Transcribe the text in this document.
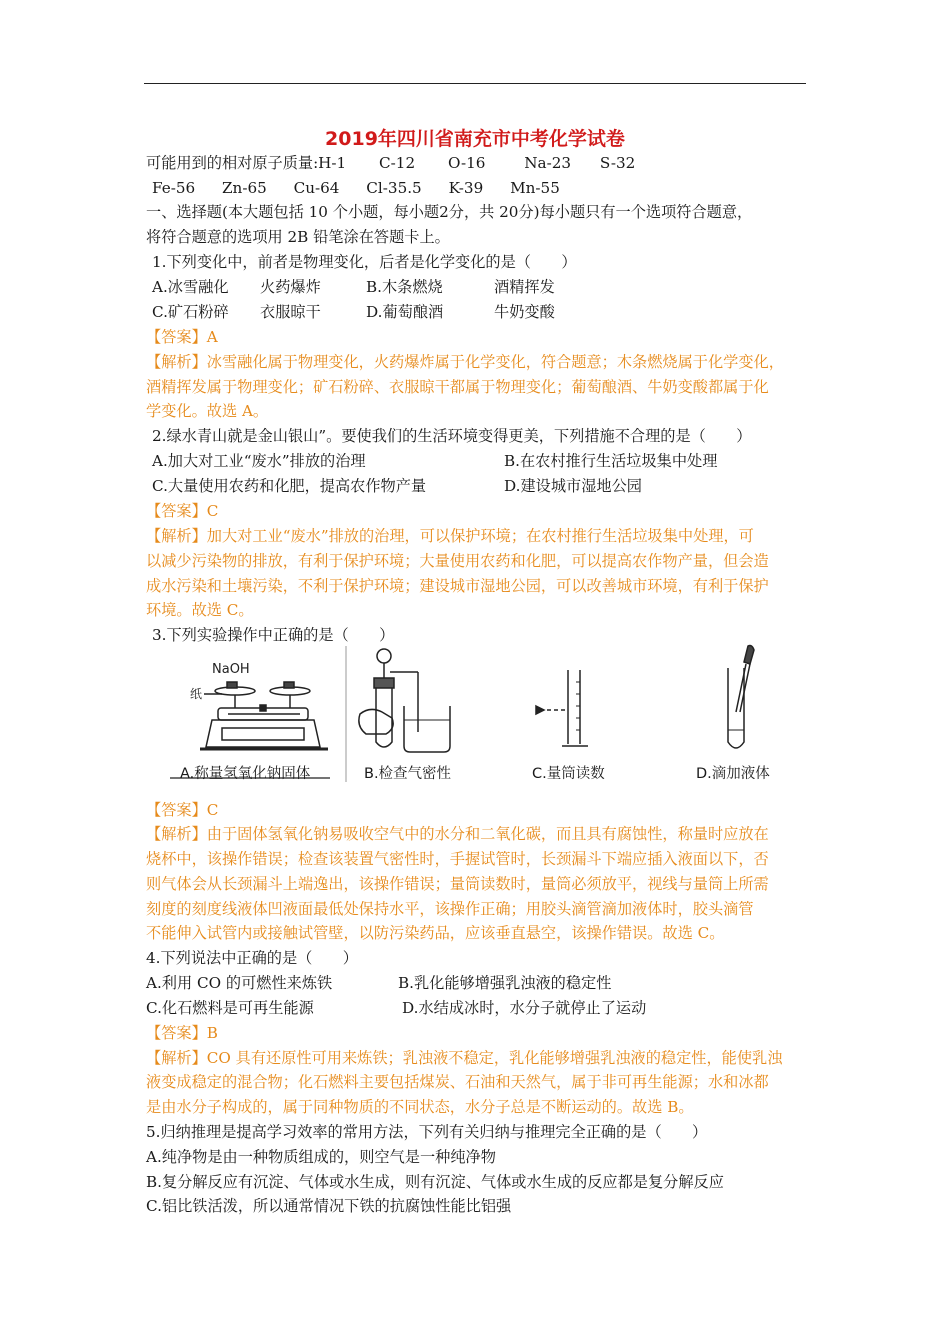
2019年四川省南充市中考化学试卷
可能用到的相对原子质量:H-1 C-12 O-16	Na-23 S-32
Fe-56 Zn-65 Cu-64 Cl-35.5 K-39 Mn-55
一、选择题(本大题包括 10 个小题，每小题2分，共 20分)每小题只有一个选项符合题意，
将符合题意的选项用 2B 铅笔涂在答题卡上。
1.下列变化中，前者是物理变化，后者是化学变化的是（　　）
A.冰雪融化 火药爆炸	B.木条燃烧	酒精挥发
C.矿石粉碎 衣服晾干	D.葡萄酿酒	牛奶变酸
【答案】A
【解析】冰雪融化属于物理变化，火药爆炸属于化学变化，符合题意；木条燃烧属于化学变化，
酒精挥发属于物理变化；矿石粉碎、衣服晾干都属于物理变化；葡萄酿酒、牛奶变酸都属于化
学变化。故选 A。
2.绿水青山就是金山银山”。要使我们的生活环境变得更美，下列措施不合理的是（　　）
A.加大对工业“废水”排放的治理	B.在农村推行生活垃圾集中处理
C.大量使用农药和化肥，提高农作物产量	D.建设城市湿地公园
【答案】C
【解析】加大对工业“废水”排放的治理，可以保护环境；在农村推行生活垃圾集中处理，可
以减少污染物的排放，有利于保护环境；大量使用农药和化肥，可以提高农作物产量，但会造
成水污染和土壤污染，不利于保护环境；建设城市湿地公园，可以改善城市环境，有利于保护
环境。故选 C。
3.下列实验操作中正确的是（　　）
NaOH
纸
A.称量氢氧化钠固体	B.检查气密性	C.量筒读数	D.滴加液体
【答案】C
【解析】由于固体氢氧化钠易吸收空气中的水分和二氧化碳，而且具有腐蚀性，称量时应放在
烧杯中，该操作错误；检查该装置气密性时，手握试管时，长颈漏斗下端应插入液面以下，否
则气体会从长颈漏斗上端逸出，该操作错误；量筒读数时，量筒必须放平，视线与量筒上所需
刻度的刻度线液体凹液面最低处保持水平，该操作正确；用胶头滴管滴加液体时，胶头滴管
不能伸入试管内或接触试管壁，以防污染药品，应该垂直悬空，该操作错误。故选 C。
4.下列说法中正确的是（　　）
A.利用 CO 的可燃性来炼铁	B.乳化能够增强乳浊液的稳定性
C.化石燃料是可再生能源	D.水结成冰时，水分子就停止了运动
【答案】B
【解析】CO 具有还原性可用来炼铁；乳浊液不稳定，乳化能够增强乳浊液的稳定性，能使乳浊
液变成稳定的混合物；化石燃料主要包括煤炭、石油和天然气，属于非可再生能源；水和冰都
是由水分子构成的，属于同种物质的不同状态，水分子总是不断运动的。故选 B。
5.归纳推理是提高学习效率的常用方法，下列有关归纳与推理完全正确的是（　　）
A.纯净物是由一种物质组成的，则空气是一种纯净物
B.复分解反应有沉淀、气体或水生成，则有沉淀、气体或水生成的反应都是复分解反应
C.铝比铁活泼，所以通常情况下铁的抗腐蚀性能比铝强
